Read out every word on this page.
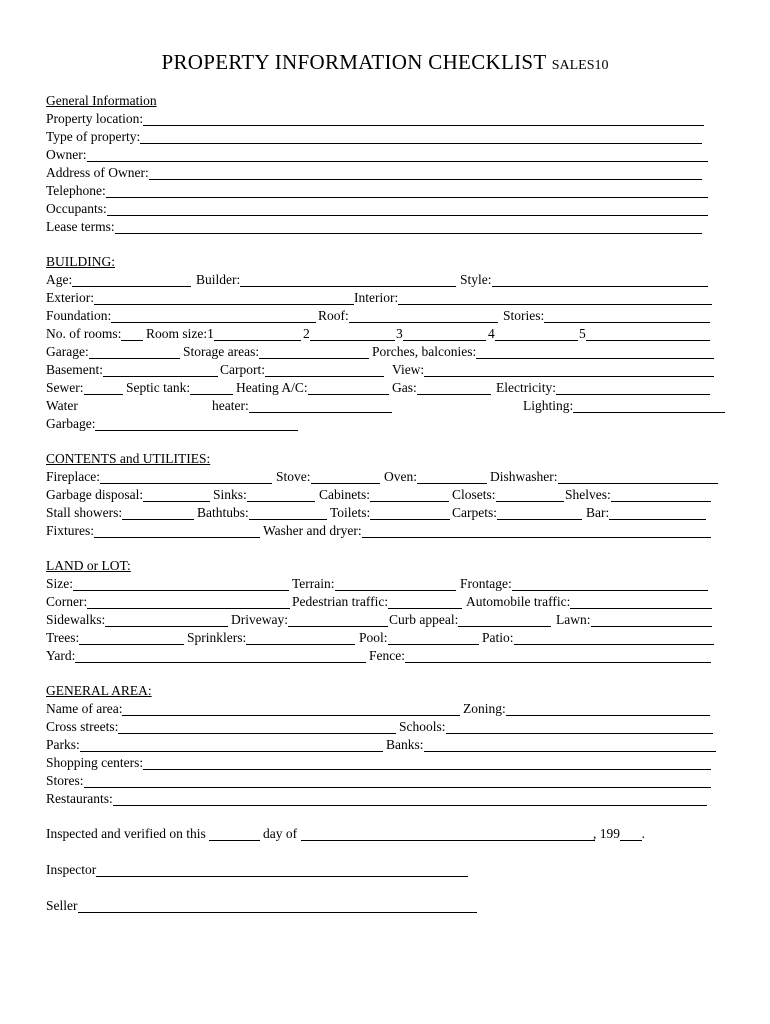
PROPERTY INFORMATION CHECKLIST SALES10
General Information
Property location:
Type of property:
Owner:
Address of Owner:
Telephone:
Occupants:
Lease terms:
BUILDING:
Age:	Builder:	Style:
Exterior:	Interior:
Foundation:	Roof:	Stories:
No. of rooms: Room size:1	2	3	4	5
Garage:	Storage areas:	Porches, balconies:
Basement:	Carport:	View:
Sewer:	Septic tank:	Heating A/C:	Gas:	Electricity:
Water	heater:	Lighting:
Garbage:
CONTENTS and UTILITIES:
Fireplace:	Stove:	Oven:	Dishwasher:
Garbage disposal:	Sinks:	Cabinets:	Closets:	Shelves:
Stall showers:	Bathtubs:	Toilets:	Carpets:	Bar:
Fixtures:	Washer and dryer:
LAND or LOT:
Size:	Terrain:	Frontage:
Corner:	Pedestrian traffic:	Automobile traffic:
Sidewalks:	Driveway:	Curb appeal:	Lawn:
Trees:	Sprinklers:	Pool:	Patio:
Yard:	Fence:
GENERAL AREA:
Name of area:	Zoning:
Cross streets:	Schools:
Parks:	Banks:
Shopping centers:
Stores:
Restaurants:
Inspected and verified on this
	day of
	, 199 .
Inspector
Seller
